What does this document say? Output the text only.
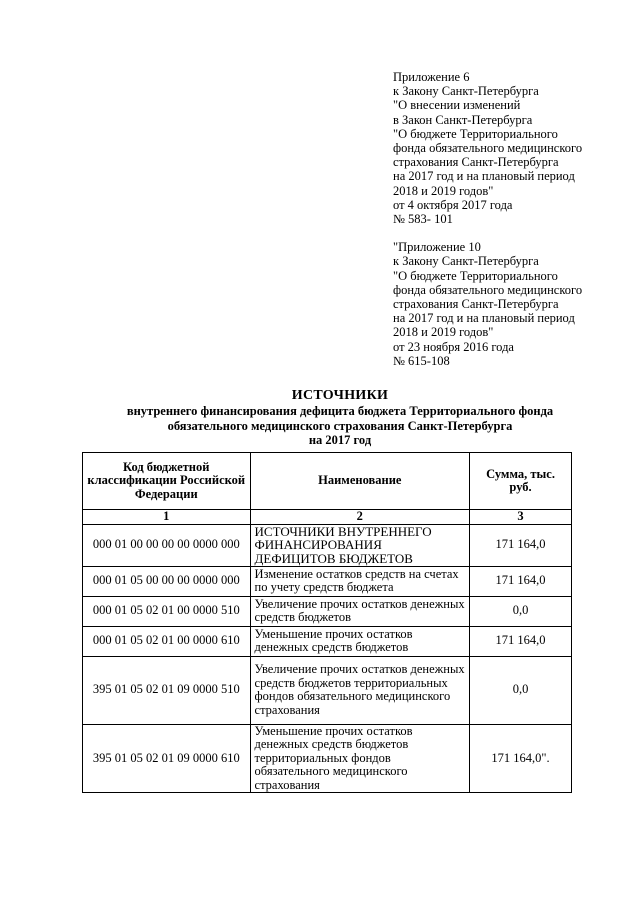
Приложение 6
к Закону Санкт-Петербурга
"О внесении изменений
в Закон Санкт-Петербурга
"О бюджете Территориального
фонда обязательного медицинского
страхования Санкт-Петербурга
на 2017 год и на плановый период
2018 и 2019 годов"
от 4 октября 2017 года
№ 583- 101
"Приложение 10
к Закону Санкт-Петербурга
"О бюджете Территориального
фонда обязательного медицинского
страхования Санкт-Петербурга
на 2017 год и на плановый период
2018 и 2019 годов"
от 23 ноября 2016 года
№ 615-108
ИСТОЧНИКИ
внутреннего финансирования дефицита бюджета Территориального фонда
обязательного медицинского страхования Санкт-Петербурга
на 2017 год
Код бюджетной классификации Российской Федерации	Наименование	Сумма, тыс. руб.
1	2	3
000 01 00 00 00 00 0000 000	ИСТОЧНИКИ ВНУТРЕННЕГО ФИНАНСИРОВАНИЯ ДЕФИЦИТОВ БЮДЖЕТОВ	171 164,0
000 01 05 00 00 00 0000 000	Изменение остатков средств на счетах по учету средств бюджета	171 164,0
000 01 05 02 01 00 0000 510	Увеличение прочих остатков денежных средств бюджетов	0,0
000 01 05 02 01 00 0000 610	Уменьшение прочих остатков денежных средств бюджетов	171 164,0
395 01 05 02 01 09 0000 510	Увеличение прочих остатков денежных средств бюджетов территориальных фондов обязательного медицинского страхования	0,0
395 01 05 02 01 09 0000 610	Уменьшение прочих остатков денежных средств бюджетов территориальных фондов обязательного медицинского страхования	171 164,0".
